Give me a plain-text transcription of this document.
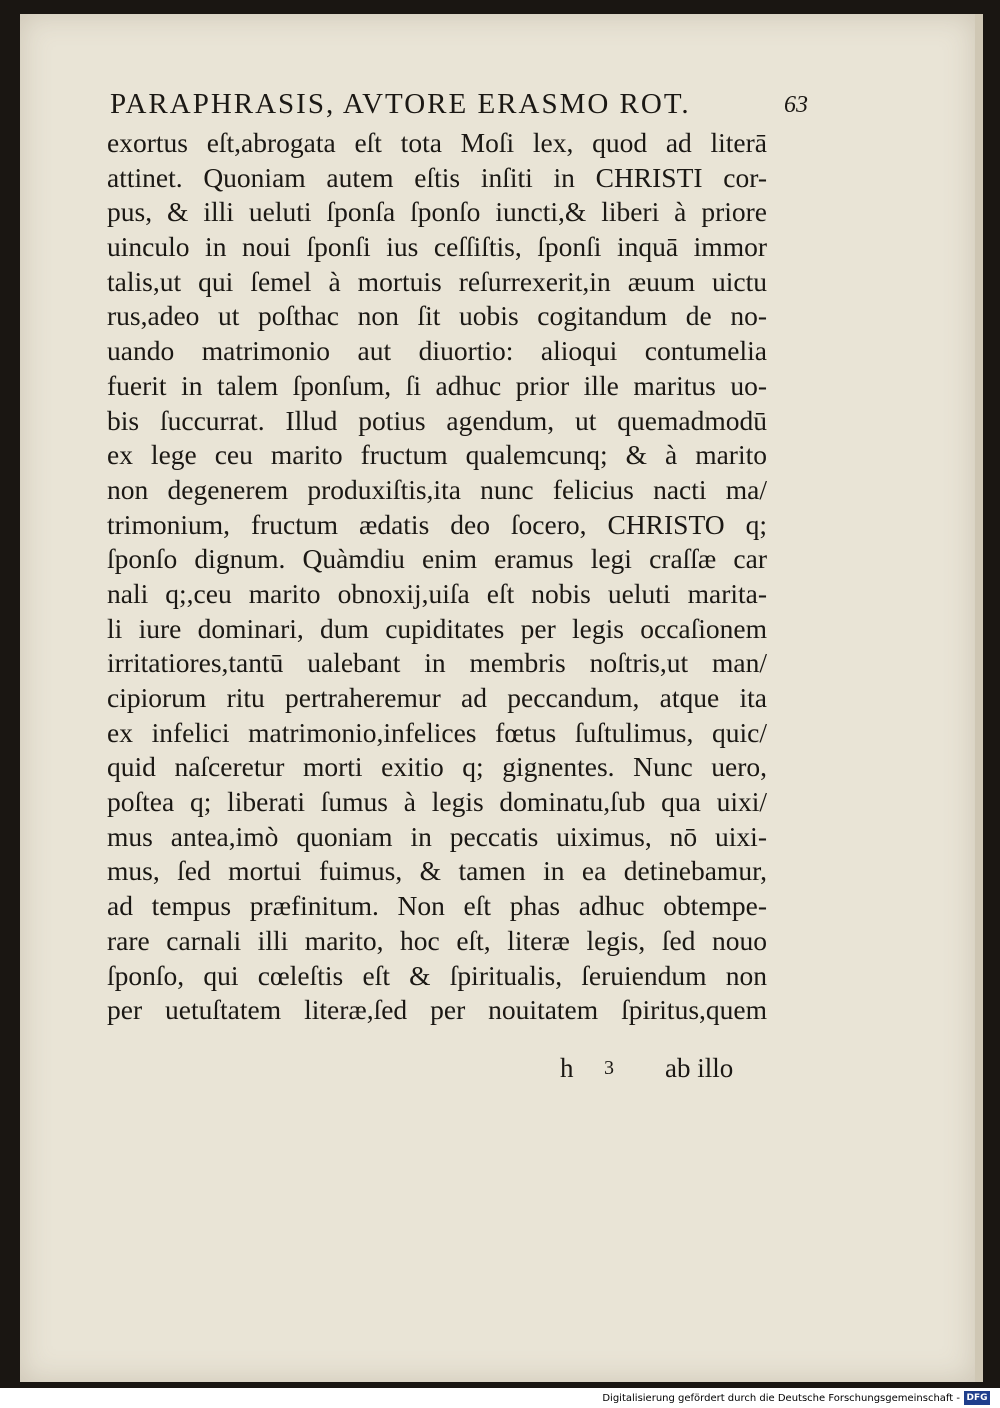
PARAPHRASIS, AVTORE ERASMO ROT.	63
exortus eſt,abrogata eſt tota Moſi lex, quod ad literā
attinet. Quoniam autem eſtis inſiti in CHRISTI cor-
pus, & illi ueluti ſponſa ſponſo iuncti,& liberi à priore
uinculo in noui ſponſi ius ceſſiſtis, ſponſi inquā immor
talis,ut qui ſemel à mortuis reſurrexerit,in æuum uictu
rus,adeo ut poſthac non ſit uobis cogitandum de no-
uando matrimonio aut diuortio: alioqui contumelia
fuerit in talem ſponſum, ſi adhuc prior ille maritus uo-
bis ſuccurrat. Illud potius agendum, ut quemadmodū
ex lege ceu marito fructum qualemcunq; & à marito
non degenerem produxiſtis,ita nunc felicius nacti ma/
trimonium, fructum ædatis deo ſocero, CHRISTO q;
ſponſo dignum. Quàmdiu enim eramus legi craſſæ car
nali q;,ceu marito obnoxij,uiſa eſt nobis ueluti marita-
li iure dominari, dum cupiditates per legis occaſionem
irritatiores,tantū ualebant in membris noſtris,ut man/
cipiorum ritu pertraheremur ad peccandum, atque ita
ex infelici matrimonio,infelices fœtus ſuſtulimus, quic/
quid naſceretur morti exitio q; gignentes. Nunc uero,
poſtea q; liberati ſumus à legis dominatu,ſub qua uixi/
mus antea,imò quoniam in peccatis uiximus, nō uixi-
mus, ſed mortui fuimus, & tamen in ea detinebamur,
ad tempus præfinitum. Non eſt phas adhuc obtempe-
rare carnali illi marito, hoc eſt, literæ legis, ſed nouo
ſponſo, qui cœleſtis eſt & ſpiritualis, ſeruiendum non
per uetuſtatem literæ,ſed per nouitatem ſpiritus,quem
h 3 ab illo
Digitalisierung gefördert durch die Deutsche Forschungsgemeinschaft - DFG
